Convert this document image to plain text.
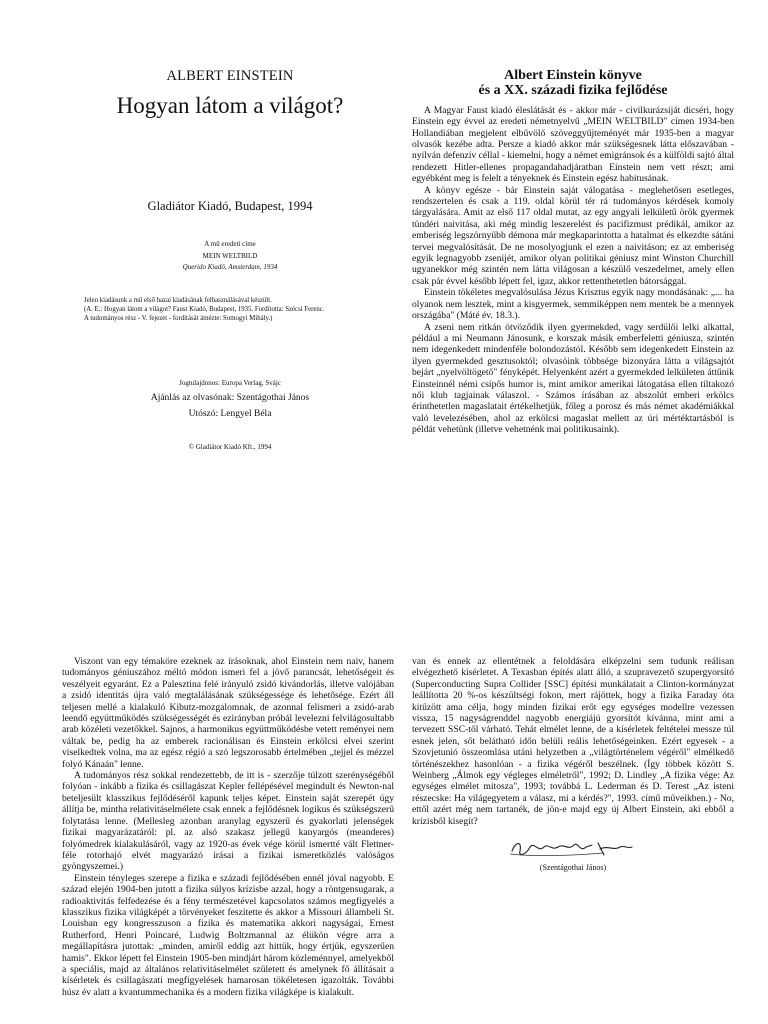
ALBERT EINSTEIN
Hogyan látom a világot?
Gladiátor Kiadó, Budapest, 1994
A mű eredeti címe
MEIN WELTBILD
Querido Kiadó, Amsterdam, 1934

Jelen kiadásunk a mű első hazai kiadásának felhasználásával készült.

(A. E.: Hogyan látom a világot? Faust Kiadó, Budapest, 1935. Fordította: Szécsi Ferenc.

A tudományos rész - V. fejezet - fordítását átnézte: Somogyi Mihály.)

Jogtulajdonos: Europa Verlag, Svájc
Ajánlás az olvasónak: Szentágothai János
Utószó: Lengyel Béla
© Gladiátor Kiadó Kft., 1994
Albert Einstein könyve
és a XX. századi fizika fejlődése

A Magyar Faust kiadó éleslátását és - akkor már - civilkurázsiját dicséri, hogy Einstein egy évvel az eredeti németnyelvű „MEIN WELTBILD" címen 1934-ben Hollandiában megjelent elbűvölő szöveggyűjteményét már 1935-ben a magyar olvasók kezébe adta. Persze a kiadó akkor már szükségesnek látta előszavában - nyilván defenzív céllal - kiemelni, hogy a német emigránsok és a külföldi sajtó által rendezett Hitler-ellenes propagandahadjáratban Einstein nem vett részt; ami egyébként meg is felelt a tényeknek és Einstein egész habitusának.

A könyv egésze - bár Einstein saját válogatása - meglehetősen esetleges, rendszertelen és csak a 119. oldal körül tér rá tudományos kérdések komoly tárgyalására. Amit az első 117 oldal mutat, az egy angyali lelkületű örök gyermek tündéri naivitása, aki még mindig leszerelést és pacifizmust prédikál, amikor az emberiség legszörnyűbb démona már megkaparintotta a hatalmat és elkezdte sátáni tervei megvalósítását. De ne mosolyogjunk el ezen a naivitáson; ez az emberiség egyik legnagyobb zsenijét, amikor olyan politikai géniusz mint Winston Churchill ugyanekkor még szintén nem látta világosan a készülő veszedelmet, amely ellen csak pár évvel később lépett fel, igaz, akkor rettenthetetlen bátorsággal.

Einstein tökéletes megvalósulása Jézus Krisztus egyik nagy mondásának: „... ha olyanok nem lesztek, mint a kisgyermek, semmiképpen nem mentek be a mennyek országába" (Máté év. 18.3.).

A zseni nem ritkán ötvöződik ilyen gyermekded, vagy serdülői lelki alkattal, például a mi Neumann Jánosunk, e korszak másik emberfeletti géniusza, szintén nem idegenkedett mindenféle bolondozástól. Később sem idegenkedett Einstein az ilyen gyermekded gesztusoktól; olvasóink többsége bizonyára látta a világsajtót bejárt „nyelvöltögető" fényképét. Helyenként azért a gyermekded lelkületen áttűnik Einsteinnél némi csípős humor is, mint amikor amerikai látogatása ellen tiltakozó női klub tagjainak válaszol. - Számos írásában az abszolút emberi erkölcs érinthetetlen magaslatait értékelhetjük, főleg a porosz és más német akadémiákkal való levelezésében, ahol az erkölcsi magaslat mellett az úri mértéktartásból is példát vehetünk (illetve vehetnénk mai politikusaink).

Viszont van egy témaköre ezeknek az írásoknak, ahol Einstein nem naiv, hanem tudományos géniuszához méltó módon ismeri fel a jövő parancsát, lehetőségeit és veszélyeit egyaránt. Ez a Palesztina felé irányuló zsidó kivándorlás, illetve valójában a zsidó identitás újra való megtalálásának szükségessége és lehetősége. Ezért áll teljesen mellé a kialakuló Kibutz-mozgalomnak, de azonnal felismeri a zsidó-arab leendő együttműködés szükségességét és ezirányban próbál levelezni felvilágosultabb arab közéleti vezetőkkel. Sajnos, a harmonikus együttműködésbe vetett reményei nem váltak be, pedig ha az emberek racionálisan és Einstein erkölcsi elvei szerint viselkedtek volna, ma az egész régió a szó legszorosabb értelmében „tejjel és mézzel folyó Kánaán" lenne.

A tudományos rész sokkal rendezettebb, de itt is - szerzője túlzott szerénységéből folyóan - inkább a fizika és csillagászat Kepler fellépésével megindult és Newton-nal beteljesült klasszikus fejlődéséről kapunk teljes képet. Einstein saját szerepét úgy állítja be, mintha relativitáselmélete csak ennek a fejlődésnek logikus és szükségszerű folytatása lenne. (Mellesleg azonban aranylag egyszerű és gyakorlati jelenségek fizikai magyarázatáról: pl. az alsó szakasz jellegű kanyargós (meanderes) folyómedrek kialakulásáról, vagy az 1920-as évek vége körül ismertté vált Flettner-féle rotorhajó elvét magyarázó írásai a fizikai ismeretközlés valóságos gyöngyszemei.)

Einstein tényleges szerepe a fizika e századi fejlődésében ennél jóval nagyobb. E század elején 1904-ben jutott a fizika súlyos krízisbe azzal, hogy a röntgensugarak, a radioaktivitás felfedezése és a fény természetével kapcsolatos számos megfigyelés a klasszikus fizika világképét a törvényeket feszítette és akkor a Missouri állambeli St. Louisban egy kongresszuson a fizika és matematika akkori nagyságai, Ernest Rutherford, Henri Poincaré, Ludwig Boltzmannal az élükön végre arra a megállapításra jutottak: „minden, amiről eddig azt hittük, hogy értjük, egyszerűen hamis". Ekkor lépett fel Einstein 1905-ben mindjárt három közleménnyel, amelyekből a speciális, majd az általános relativitáselmélet született és amelynek fő állításait a kísérletek és csillagászati megfigyelések hamarosan tökéletesen igazolták. További húsz év alatt a kvantummechanika és a modern fizika világképe is kialakult.

van és ennek az ellentétnek a feloldására elképzelni sem tudunk reálisan elvégezhető kísérletet. A Texasban építés alatt álló, a szupravezető szupergyorsító (Superconducting Supra Collider [SSC] építési munkálatait a Clinton-kormányzat leállította 20 %-os készültségi fokon, mert rájöttek, hogy a fizika Faraday óta kitűzött ama célja, hogy minden fizikai erőt egy egységes modellre vezessen vissza, 15 nagyságrenddel nagyobb energiájú gyorsítót kívánna, mint ami a tervezett SSC-től várható. Tehát elmélet lenne, de a kísérletek feltételei messze túl esnek jelen, sőt belátható időn belüli reális lehetőségeinken. Ezért egyesek - a Szovjetunió összeomlása utáni helyzetben a „világtörténelem végéről" elmélkedő történészekhez hasonlóan - a fizika végéről beszélnek. (Így többek között S. Weinberg „Álmok egy végleges elméletről", 1992; D. Lindley „A fizika vége: Az egységes elmélet mítosza", 1993; továbbá L. Lederman és D. Terest „Az isteni részecske: Ha világegyetem a válasz, mi a kérdés?", 1993. című műveikben.) - No, ettől azért még nem tartanék, de jön-e majd egy új Albert Einstein, aki ebből a krízisből kisegít?

(Szentágothai János)
